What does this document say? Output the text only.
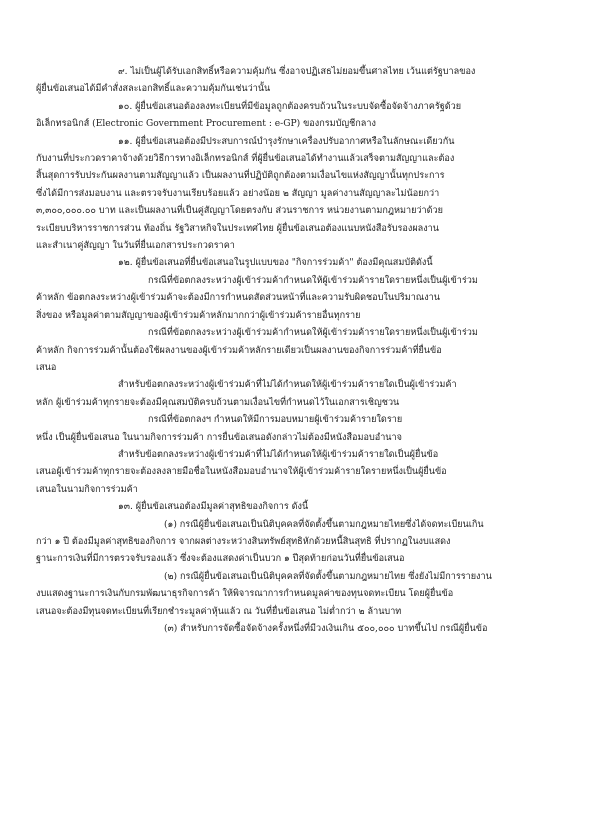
๙. ไม่เป็นผู้ได้รับเอกสิทธิ์หรือความคุ้มกัน ซึ่งอาจปฏิเสธไม่ยอมขึ้นศาลไทย เว้นแต่รัฐบาลของ
ผู้ยื่นข้อเสนอได้มีคำสั่งสละเอกสิทธิ์และความคุ้มกันเช่นว่านั้น
๑๐. ผู้ยื่นข้อเสนอต้องลงทะเบียนที่มีข้อมูลถูกต้องครบถ้วนในระบบจัดซื้อจัดจ้างภาครัฐด้วย
อิเล็กทรอนิกส์ (Electronic Government Procurement : e-GP) ของกรมบัญชีกลาง
๑๑. ผู้ยื่นข้อเสนอต้องมีประสบการณ์บำรุงรักษาเครื่องปรับอากาศหรือในลักษณะเดียวกัน
กับงานที่ประกวดราคาจ้างด้วยวิธีการทางอิเล็กทรอนิกส์ ที่ผู้ยื่นข้อเสนอได้ทำงานแล้วเสร็จตามสัญญาและต้อง
สิ้นสุดการรับประกันผลงานตามสัญญาแล้ว เป็นผลงานที่ปฏิบัติถูกต้องตามเงื่อนไขแห่งสัญญานั้นทุกประการ
ซึ่งได้มีการส่งมอบงาน และตรวจรับงานเรียบร้อยแล้ว อย่างน้อย ๒ สัญญา มูลค่างานสัญญาละไม่น้อยกว่า
๓,๓๐๐,๐๐๐.๐๐ บาท และเป็นผลงานที่เป็นคู่สัญญาโดยตรงกับ ส่วนราชการ หน่วยงานตามกฎหมายว่าด้วย
ระเบียบบริหารราชการส่วน ท้องถิ่น รัฐวิสาหกิจในประเทศไทย ผู้ยื่นข้อเสนอต้องแนบหนังสือรับรองผลงาน
และสำเนาคู่สัญญา ในวันที่ยื่นเอกสารประกวดราคา
๑๒. ผู้ยื่นข้อเสนอที่ยื่นข้อเสนอในรูปแบบของ "กิจการร่วมค้า" ต้องมีคุณสมบัติดังนี้
กรณีที่ข้อตกลงระหว่างผู้เข้าร่วมค้ากำหนดให้ผู้เข้าร่วมค้ารายใดรายหนึ่งเป็นผู้เข้าร่วม
ค้าหลัก ข้อตกลงระหว่างผู้เข้าร่วมค้าจะต้องมีการกำหนดสัดส่วนหน้าที่และความรับผิดชอบในปริมาณงาน
สิ่งของ หรือมูลค่าตามสัญญาของผู้เข้าร่วมค้าหลักมากกว่าผู้เข้าร่วมค้ารายอื่นทุกราย
กรณีที่ข้อตกลงระหว่างผู้เข้าร่วมค้ากำหนดให้ผู้เข้าร่วมค้ารายใดรายหนึ่งเป็นผู้เข้าร่วม
ค้าหลัก กิจการร่วมค้านั้นต้องใช้ผลงานของผู้เข้าร่วมค้าหลักรายเดียวเป็นผลงานของกิจการร่วมค้าที่ยื่นข้อ
เสนอ
สำหรับข้อตกลงระหว่างผู้เข้าร่วมค้าที่ไม่ได้กำหนดให้ผู้เข้าร่วมค้ารายใดเป็นผู้เข้าร่วมค้า
หลัก ผู้เข้าร่วมค้าทุกรายจะต้องมีคุณสมบัติครบถ้วนตามเงื่อนไขที่กำหนดไว้ในเอกสารเชิญชวน
กรณีที่ข้อตกลงฯ กำหนดให้มีการมอบหมายผู้เข้าร่วมค้ารายใดราย
หนึ่ง เป็นผู้ยื่นข้อเสนอ ในนามกิจการร่วมค้า การยื่นข้อเสนอดังกล่าวไม่ต้องมีหนังสือมอบอำนาจ
สำหรับข้อตกลงระหว่างผู้เข้าร่วมค้าที่ไม่ได้กำหนดให้ผู้เข้าร่วมค้ารายใดเป็นผู้ยื่นข้อ
เสนอผู้เข้าร่วมค้าทุกรายจะต้องลงลายมือชื่อในหนังสือมอบอำนาจให้ผู้เข้าร่วมค้ารายใดรายหนึ่งเป็นผู้ยื่นข้อ
เสนอในนามกิจการร่วมค้า
๑๓. ผู้ยื่นข้อเสนอต้องมีมูลค่าสุทธิของกิจการ ดังนี้
(๑) กรณีผู้ยื่นข้อเสนอเป็นนิติบุคคลที่จัดตั้งขึ้นตามกฎหมายไทยซึ่งได้จดทะเบียนเกิน
กว่า ๑ ปี ต้องมีมูลค่าสุทธิของกิจการ จากผลต่างระหว่างสินทรัพย์สุทธิหักด้วยหนี้สินสุทธิ ที่ปรากฏในงบแสดง
ฐานะการเงินที่มีการตรวจรับรองแล้ว ซึ่งจะต้องแสดงค่าเป็นบวก ๑ ปีสุดท้ายก่อนวันที่ยื่นข้อเสนอ
(๒) กรณีผู้ยื่นข้อเสนอเป็นนิติบุคคลที่จัดตั้งขึ้นตามกฎหมายไทย ซึ่งยังไม่มีการรายงาน
งบแสดงฐานะการเงินกับกรมพัฒนาธุรกิจการค้า ให้พิจารณาการกำหนดมูลค่าของทุนจดทะเบียน โดยผู้ยื่นข้อ
เสนอจะต้องมีทุนจดทะเบียนที่เรียกชำระมูลค่าหุ้นแล้ว ณ วันที่ยื่นข้อเสนอ ไม่ต่ำกว่า ๒ ล้านบาท
(๓) สำหรับการจัดซื้อจัดจ้างครั้งหนึ่งที่มีวงเงินเกิน ๕๐๐,๐๐๐ บาทขึ้นไป กรณีผู้ยื่นข้อ
